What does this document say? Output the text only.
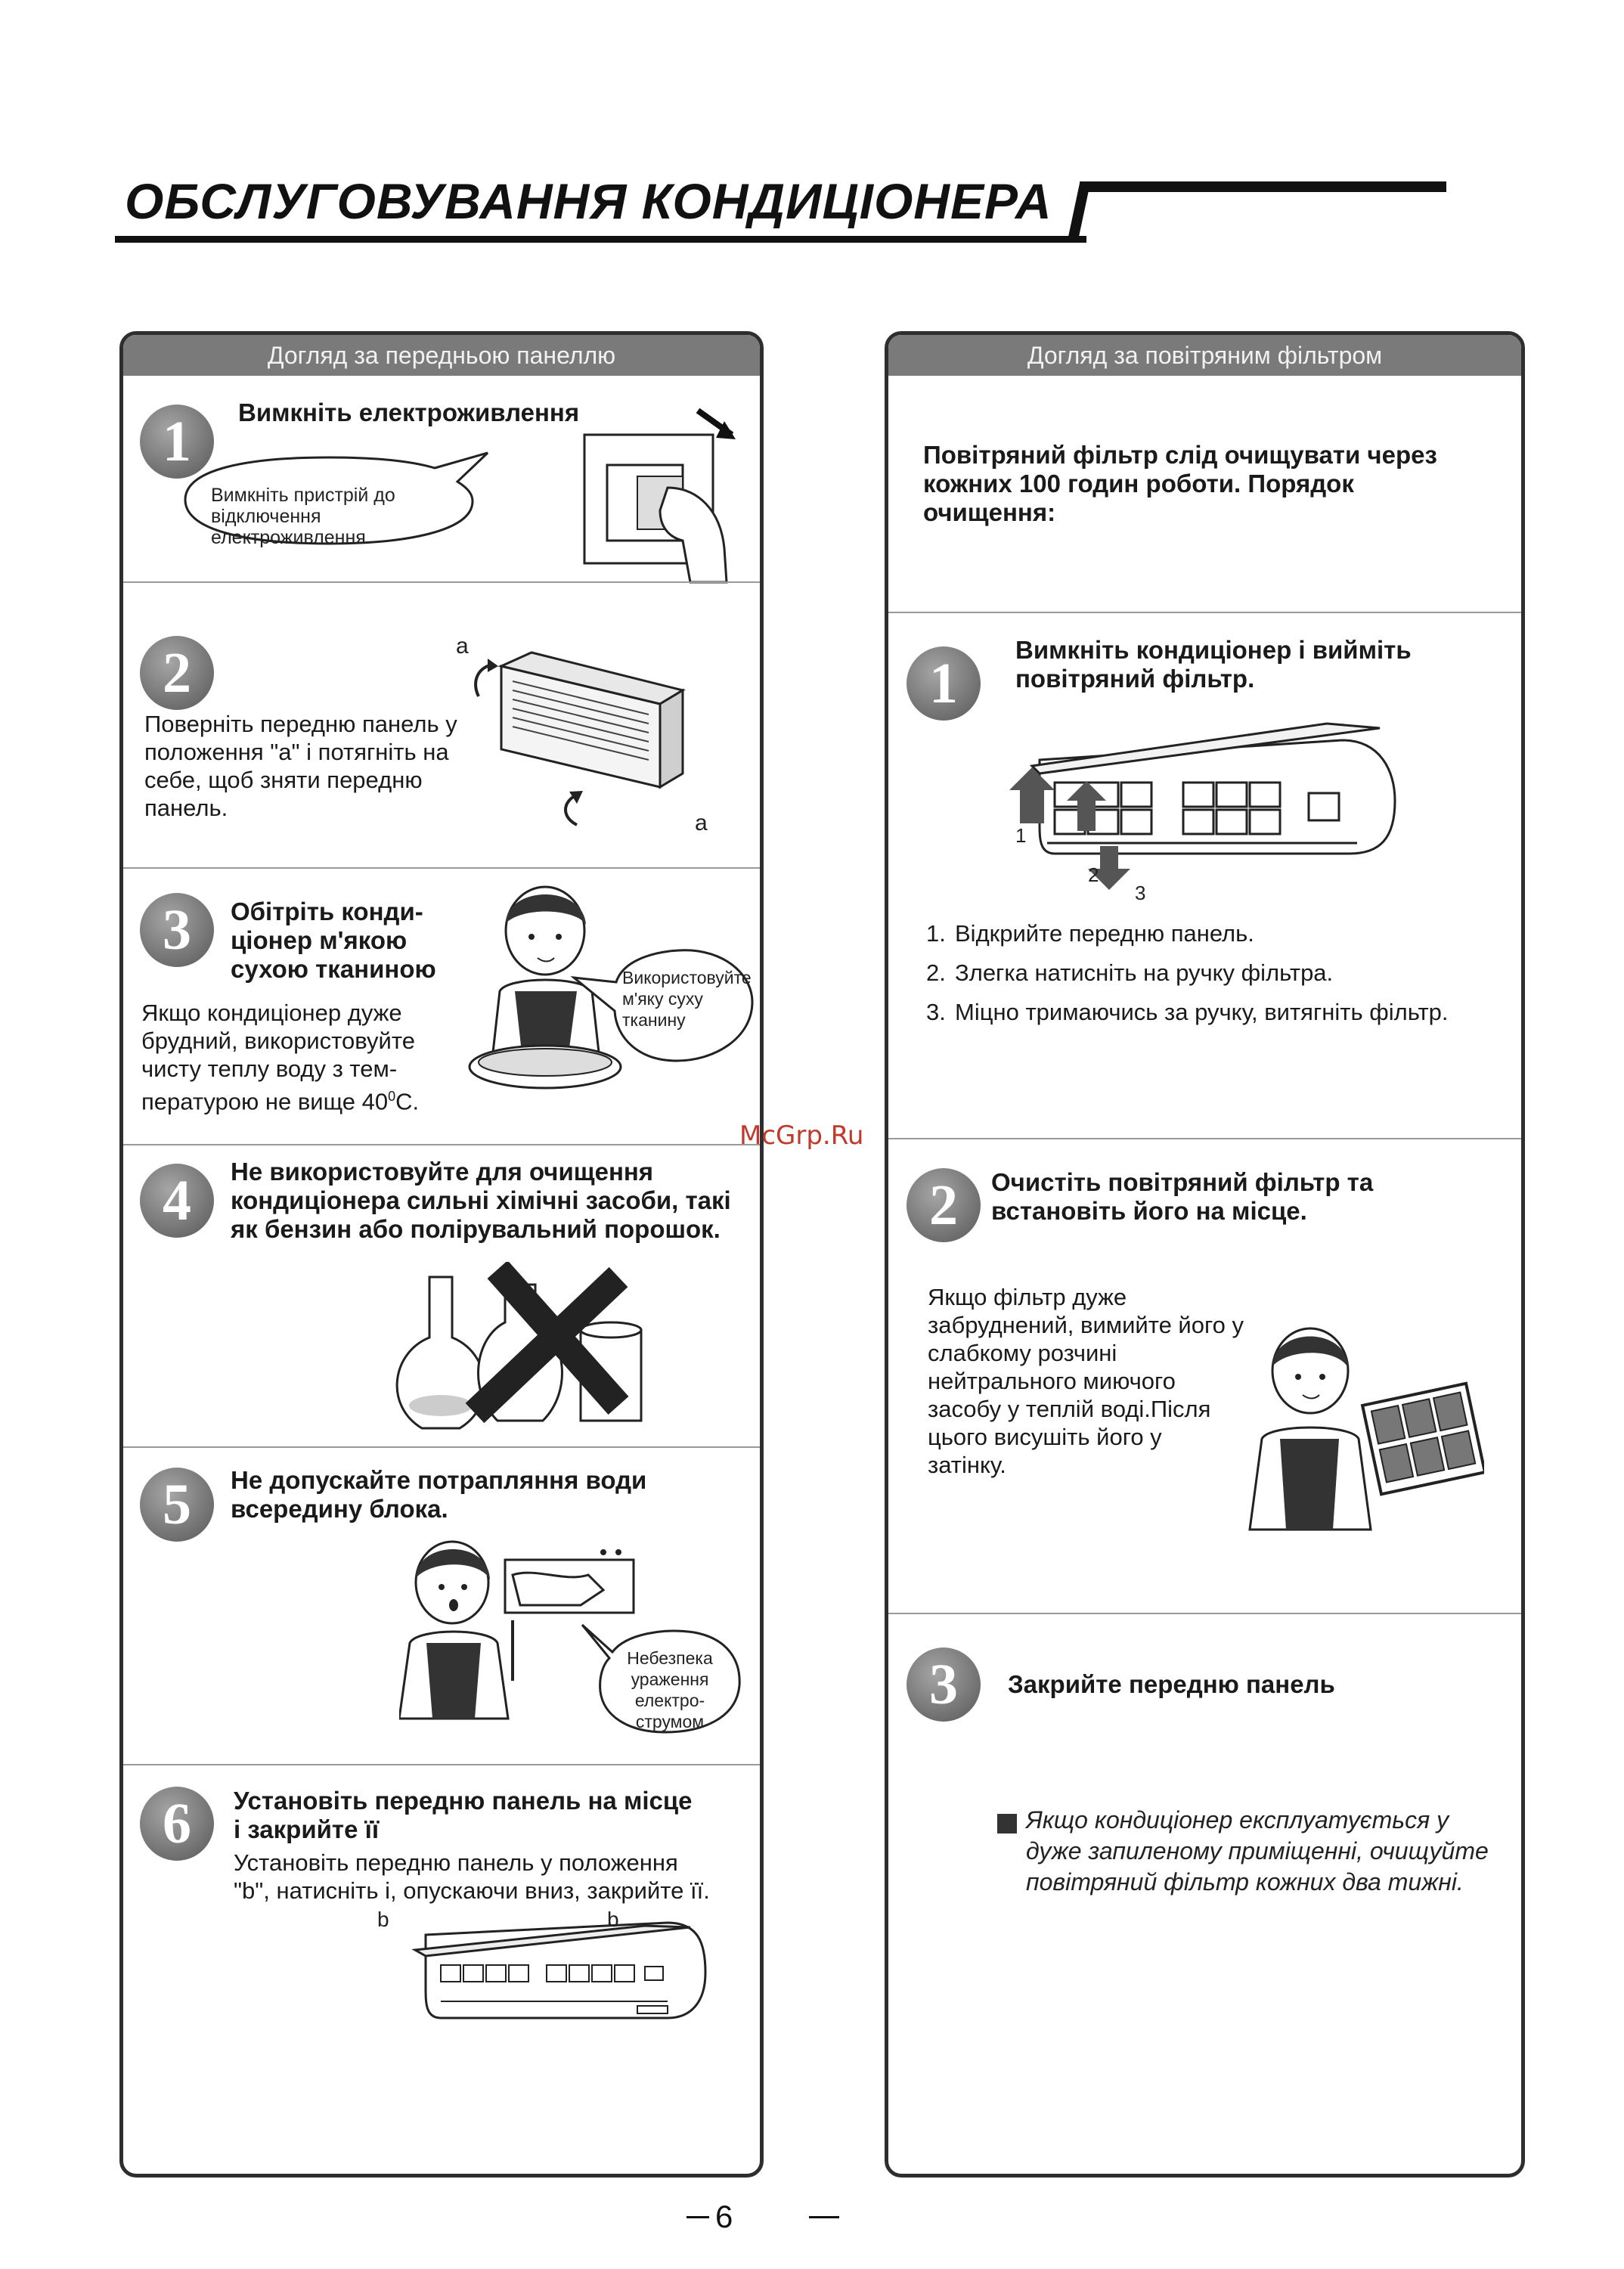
ОБСЛУГОВУВАННЯ КОНДИЦІОНЕРА
Догляд за передньою панеллю
1	Вимкніть електроживлення
Вимкніть пристрій до відключення електроживлення
2
Поверніть передню панель у положення "а" і потягніть на себе, щоб зняти передню панель.
a
a
3	Обітріть конди-ціонер м'якою сухою тканиною
Якщо кондиціонер дуже брудний, використовуйте чисту теплу воду з тем-пературою не вище $40^0C$.
Використовуйте м'яку суху тканину
4	Не використовуйте для очищення кондиціонера сильні хімічні засоби, такі як бензин або полірувальний порошок.
5	Не допускайте потрапляння води всередину блока.
Небезпека ураження електро-струмом
6	Установіть передню панель на місце і закрийте її
Установіть передню панель у положення "b", натисніть і, опускаючи вниз, закрийте її.
b	b
Догляд за повітряним фільтром
Повітряний фільтр слід очищувати через кожних 100 годин роботи. Порядок очищення:
1
Вимкніть кондиціонер і вийміть повітряний фільтр.
1
2
3
1. Відкрийте передню панель.
2. Злегка натисніть на ручку фільтра.
3. Міцно тримаючись за ручку, витягніть фільтр.
2	Очистіть повітряний фільтр та встановіть його на місце.
Якщо фільтр дуже забруднений, вимийте його у слабкому розчині нейтрального миючого засобу у теплій воді.Після цього висушіть його у затінку.
3	Закрийте передню панель
Якщо кондиціонер експлуатується у дуже запиленому приміщенні, очищуйте повітряний фільтр кожних два тижні.
McGrp.Ru
6
